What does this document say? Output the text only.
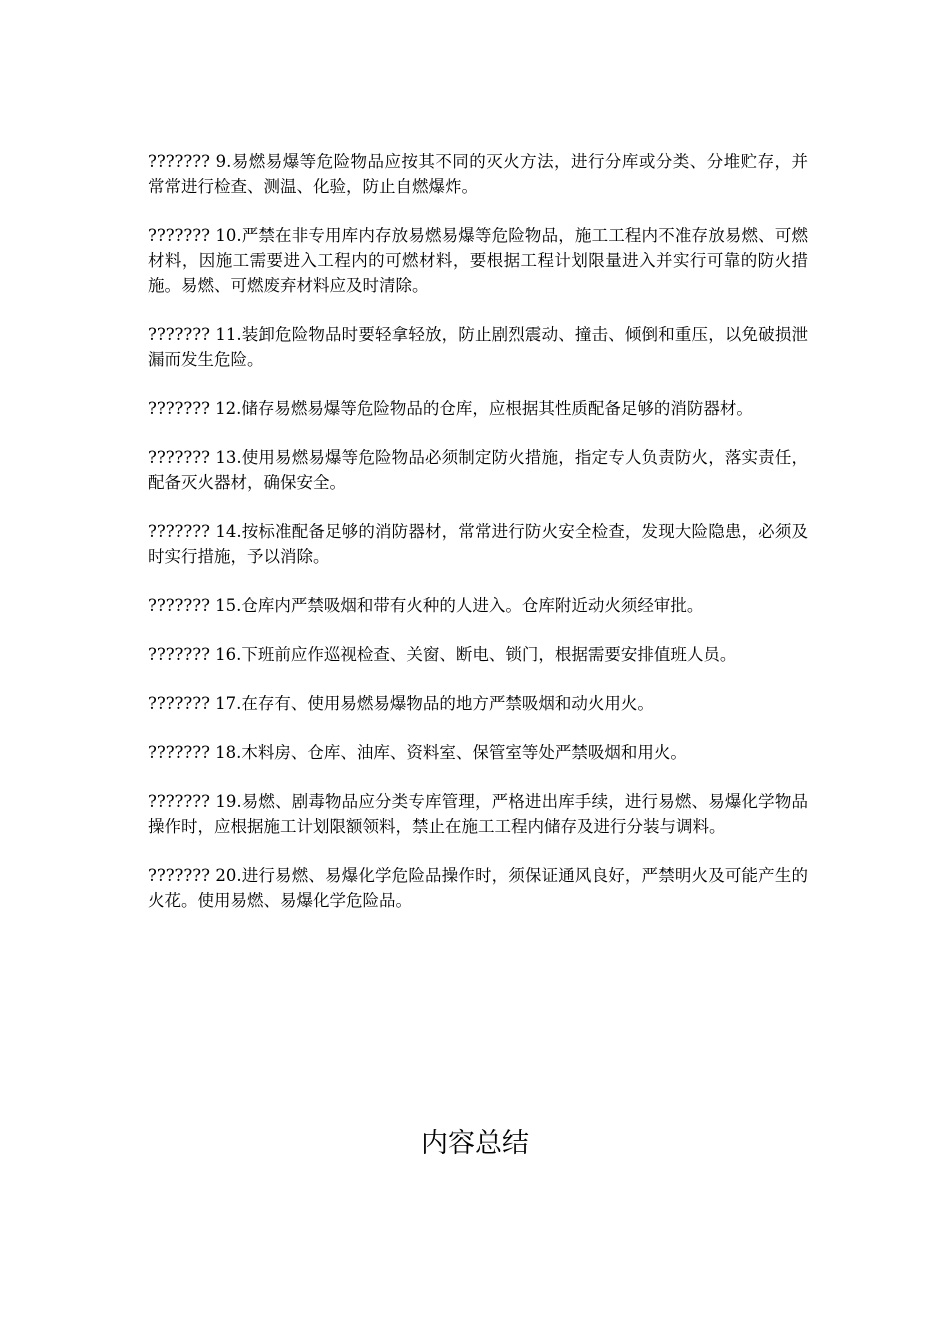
??????? 9.易燃易爆等危险物品应按其不同的灭火方法，进行分库或分类、分堆贮存，并常常进行检查、测温、化验，防止自燃爆炸。

??????? 10.严禁在非专用库内存放易燃易爆等危险物品，施工工程内不准存放易燃、可燃材料，因施工需要进入工程内的可燃材料，要根据工程计划限量进入并实行可靠的防火措施。易燃、可燃废弃材料应及时清除。

??????? 11.装卸危险物品时要轻拿轻放，防止剧烈震动、撞击、倾倒和重压，以免破损泄漏而发生危险。

??????? 12.储存易燃易爆等危险物品的仓库，应根据其性质配备足够的消防器材。

??????? 13.使用易燃易爆等危险物品必须制定防火措施，指定专人负责防火，落实责任，配备灭火器材，确保安全。

??????? 14.按标准配备足够的消防器材，常常进行防火安全检查，发现大险隐患，必须及时实行措施，予以消除。

??????? 15.仓库内严禁吸烟和带有火种的人进入。仓库附近动火须经审批。

??????? 16.下班前应作巡视检查、关窗、断电、锁门，根据需要安排值班人员。

??????? 17.在存有、使用易燃易爆物品的地方严禁吸烟和动火用火。

??????? 18.木料房、仓库、油库、资料室、保管室等处严禁吸烟和用火。

??????? 19.易燃、剧毒物品应分类专库管理，严格进出库手续，进行易燃、易爆化学物品操作时，应根据施工计划限额领料，禁止在施工工程内储存及进行分装与调料。

??????? 20.进行易燃、易爆化学危险品操作时，须保证通风良好，严禁明火及可能产生的火花。使用易燃、易爆化学危险品。

内容总结
